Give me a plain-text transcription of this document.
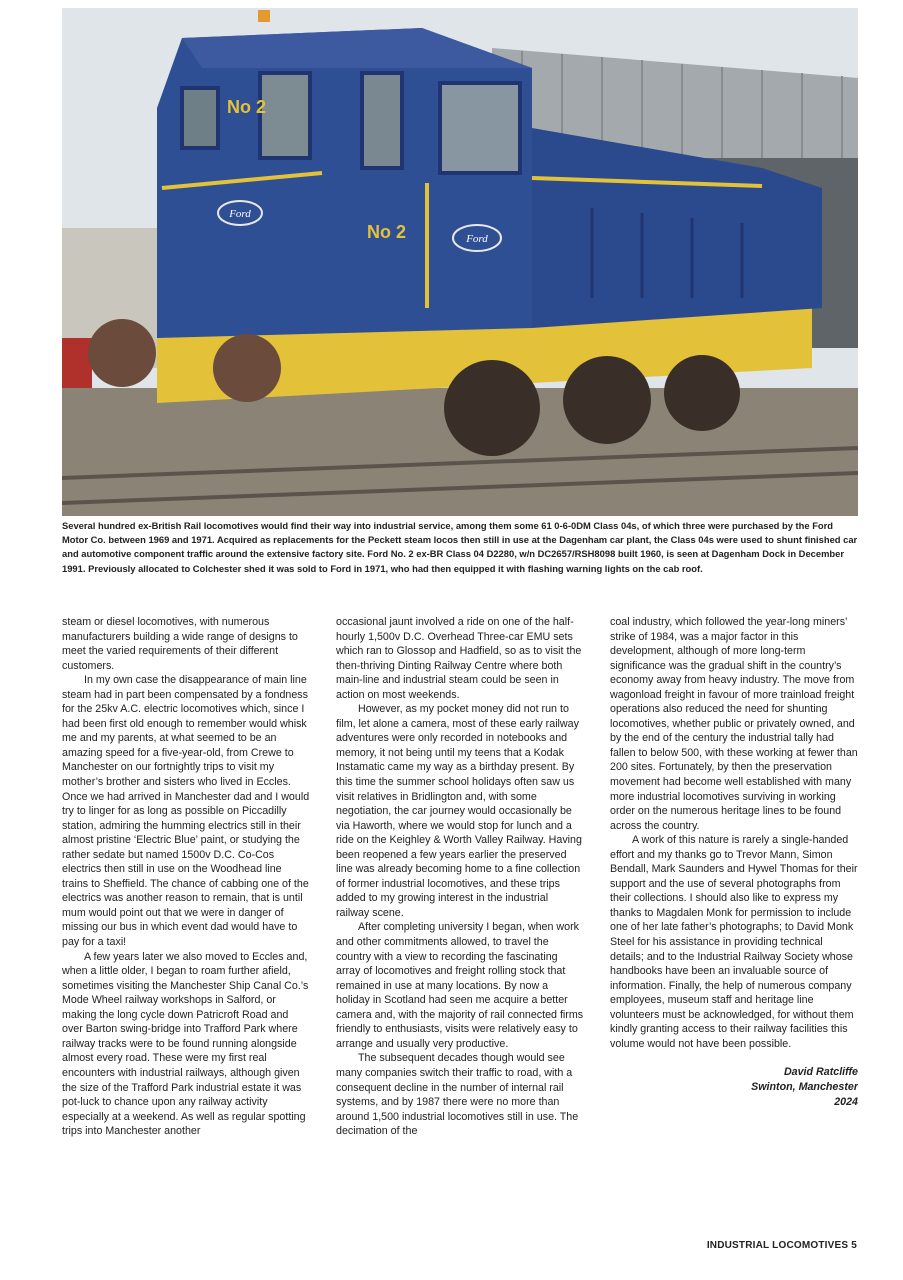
Ford
Ford
No 2
No 2
Several hundred ex-British Rail locomotives would find their way into industrial service, among them some 61 0-6-0DM Class 04s, of which three were purchased by the Ford Motor Co. between 1969 and 1971. Acquired as replacements for the Peckett steam locos then still in use at the Dagenham car plant, the Class 04s were used to shunt finished car and automotive component traffic around the extensive factory site. Ford No. 2 ex-BR Class 04 D2280, w/n DC2657/RSH8098 built 1960, is seen at Dagenham Dock in December 1991. Previously allocated to Colchester shed it was sold to Ford in 1971, who had then equipped it with flashing warning lights on the cab roof.

steam or diesel locomotives, with numerous manufacturers building a wide range of designs to meet the varied requirements of their different customers.

In my own case the disappearance of main line steam had in part been compensated by a fondness for the 25kv A.C. electric locomotives which, since I had been first old enough to remember would whisk me and my parents, at what seemed to be an amazing speed for a five-year-old, from Crewe to Manchester on our fortnightly trips to visit my mother’s brother and sisters who lived in Eccles. Once we had arrived in Manchester dad and I would try to linger for as long as possible on Piccadilly station, admiring the humming electrics still in their almost pristine ‘Electric Blue’ paint, or studying the rather sedate but named 1500v D.C. Co-Cos electrics then still in use on the Woodhead line trains to Sheffield. The chance of cabbing one of the electrics was another reason to remain, that is until mum would point out that we were in danger of missing our bus in which event dad would have to pay for a taxi!

A few years later we also moved to Eccles and, when a little older, I began to roam further afield, sometimes visiting the Manchester Ship Canal Co.’s Mode Wheel railway workshops in Salford, or making the long cycle down Patricroft Road and over Barton swing-bridge into Trafford Park where railway tracks were to be found running alongside almost every road. These were my first real encounters with industrial railways, although given the size of the Trafford Park industrial estate it was pot-luck to chance upon any railway activity especially at a weekend. As well as regular spotting trips into Manchester another

occasional jaunt involved a ride on one of the half-hourly 1,500v D.C. Overhead Three-car EMU sets which ran to Glossop and Hadfield, so as to visit the then-thriving Dinting Railway Centre where both main-line and industrial steam could be seen in action on most weekends.

However, as my pocket money did not run to film, let alone a camera, most of these early railway adventures were only recorded in notebooks and memory, it not being until my teens that a Kodak Instamatic came my way as a birthday present. By this time the summer school holidays often saw us visit relatives in Bridlington and, with some negotiation, the car journey would occasionally be via Haworth, where we would stop for lunch and a ride on the Keighley & Worth Valley Railway. Having been reopened a few years earlier the preserved line was already becoming home to a fine collection of former industrial locomotives, and these trips added to my growing interest in the industrial railway scene.

After completing university I began, when work and other commitments allowed, to travel the country with a view to recording the fascinating array of locomotives and freight rolling stock that remained in use at many locations. By now a holiday in Scotland had seen me acquire a better camera and, with the majority of rail connected firms friendly to enthusiasts, visits were relatively easy to arrange and usually very productive.

The subsequent decades though would see many companies switch their traffic to road, with a consequent decline in the number of internal rail systems, and by 1987 there were no more than around 1,500 industrial locomotives still in use. The decimation of the

coal industry, which followed the year-long miners’ strike of 1984, was a major factor in this development, although of more long-term significance was the gradual shift in the country’s economy away from heavy industry. The move from wagonload freight in favour of more trainload freight operations also reduced the need for shunting locomotives, whether public or privately owned, and by the end of the century the industrial tally had fallen to below 500, with these working at fewer than 200 sites. Fortunately, by then the preservation movement had become well established with many more industrial locomotives surviving in working order on the numerous heritage lines to be found across the country.

A work of this nature is rarely a single-handed effort and my thanks go to Trevor Mann, Simon Bendall, Mark Saunders and Hywel Thomas for their support and the use of several photographs from their collections. I should also like to express my thanks to Magdalen Monk for permission to include one of her late father’s photographs; to David Monk Steel for his assistance in providing technical details; and to the Industrial Railway Society whose handbooks have been an invaluable source of information. Finally, the help of numerous company employees, museum staff and heritage line volunteers must be acknowledged, for without them kindly granting access to their railway facilities this volume would not have been possible.

David Ratcliffe
Swinton, Manchester
2024
INDUSTRIAL LOCOMOTIVES 5
